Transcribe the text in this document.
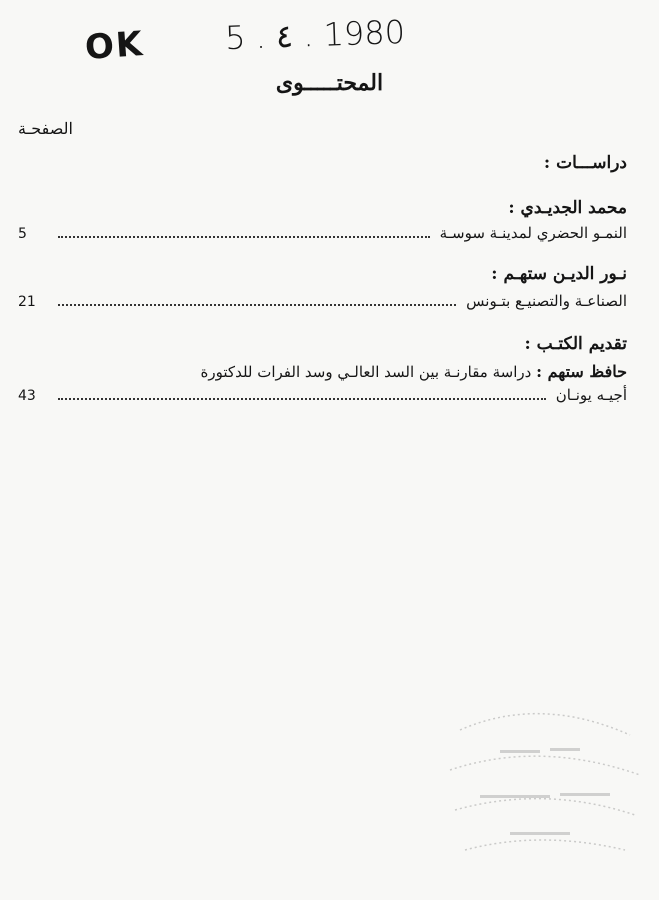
OK 5 . ٤ . 1980
المحتـــــوى
الصفحـة
دراســـات :
محمد الجديـدي :
5	النمـو الحضري لمدينـة سوسـة
نـور الديـن ستهـم :
21	الصناعـة والتصنيـع بتـونس
تقديم الكتـب :
حافظ ستهم : دراسة مقارنـة بين السد العالـي وسد الفرات للدكتورة
43	أجيـه يونـان
